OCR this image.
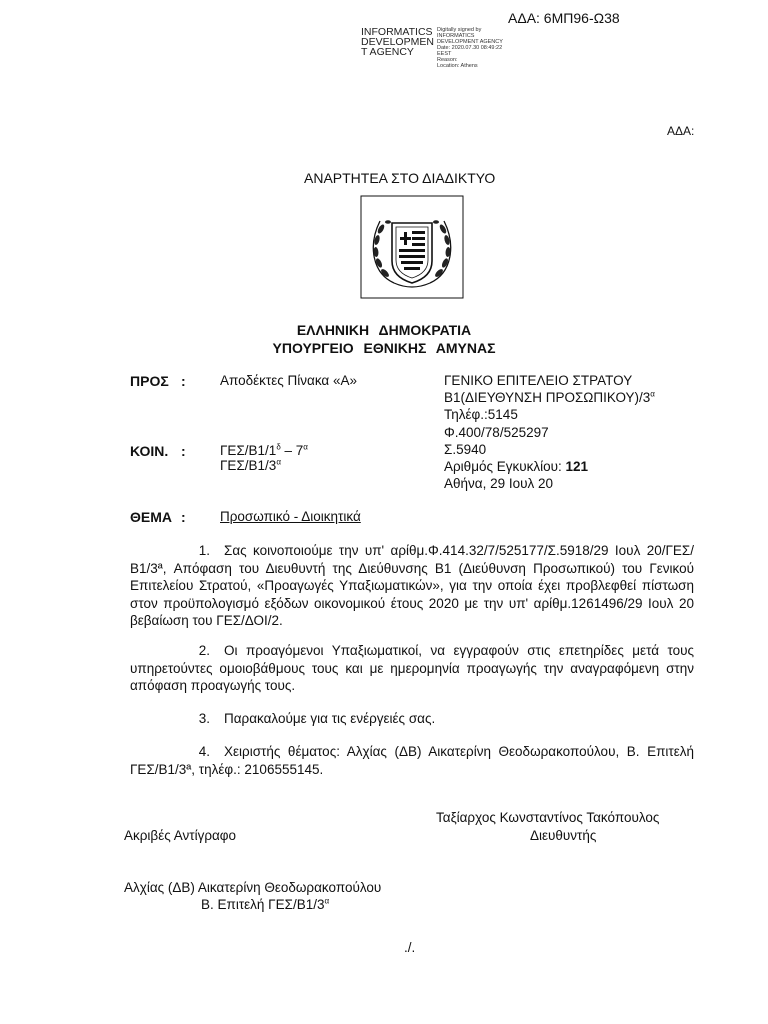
ΑΔΑ: 6ΜΠ96-Ω38
INFORMATICS
DEVELOPMEN
T AGENCY
Digitally signed by
INFORMATICS
DEVELOPMENT AGENCY
Date: 2020.07.30 08:49:22
EEST
Reason:
Location: Athens
ΑΔΑ:
ΑΝΑΡΤΗΤΕΑ ΣΤΟ ΔΙΑΔΙΚΤΥΟ
ΕΛΛΗΝΙΚΗ ΔΗΜΟΚΡΑΤΙΑ
ΥΠΟΥΡΓΕΙΟ ΕΘΝΙΚΗΣ ΑΜΥΝΑΣ
ΠΡΟΣ :	Αποδέκτες Πίνακα «Α»
ΚΟΙΝ. :	ΓΕΣ/$B1/1^\delta - 7^\alpha$
ΓΕΣ/$B1/3^\alpha$
ΓΕΝΙΚΟ ΕΠΙΤΕΛΕΙΟ ΣΤΡΑΤΟΥ
Β1(ΔΙΕΥΘΥΝΣΗ $\Pi PO\Sigma\Omega\Pi IKO\Upsilon)/3^\alpha$
Τηλέφ.:5145
Φ.400/78/525297
Σ.5940
Αριθμός Εγκυκλίου: 121
Αθήνα, 29 Ιουλ 20
ΘΕΜΑ :	Προσωπικό - Διοικητικά
1. Σας κοινοποιούμε την υπ' αρίθμ.Φ.414.32/7/525177/Σ.5918/29 Ιουλ 20/ΓΕΣ/Β1/3ª, Απόφαση του Διευθυντή της Διεύθυνσης Β1 (Διεύθυνση Προσωπικού) του Γενικού Επιτελείου Στρατού, «Προαγωγές Υπαξιωματικών», για την οποία έχει προβλεφθεί πίστωση στον προϋπολογισμό εξόδων οικονομικού έτους 2020 με την υπ' αρίθμ.1261496/29 Ιουλ 20 βεβαίωση του ΓΕΣ/ΔΟΙ/2.
2. Οι προαγόμενοι Υπαξιωματικοί, να εγγραφούν στις επετηρίδες μετά τους υπηρετούντες ομοιοβάθμους τους και με ημερομηνία προαγωγής την αναγραφόμενη στην απόφαση προαγωγής τους.
3. Παρακαλούμε για τις ενέργειές σας.
4. Χειριστής θέματος: Αλχίας (ΔΒ) Αικατερίνη Θεοδωρακοπούλου, Β. Επιτελή ΓΕΣ/Β1/3ª, τηλέφ.: 2106555145.
Ταξίαρχος Κωνσταντίνος Τακόπουλος
Διευθυντής
Ακριβές Αντίγραφο
Αλχίας (ΔΒ) Αικατερίνη Θεοδωρακοπούλου
Β. Επιτελή ΓΕΣ/$B1/3^\alpha$
./.
